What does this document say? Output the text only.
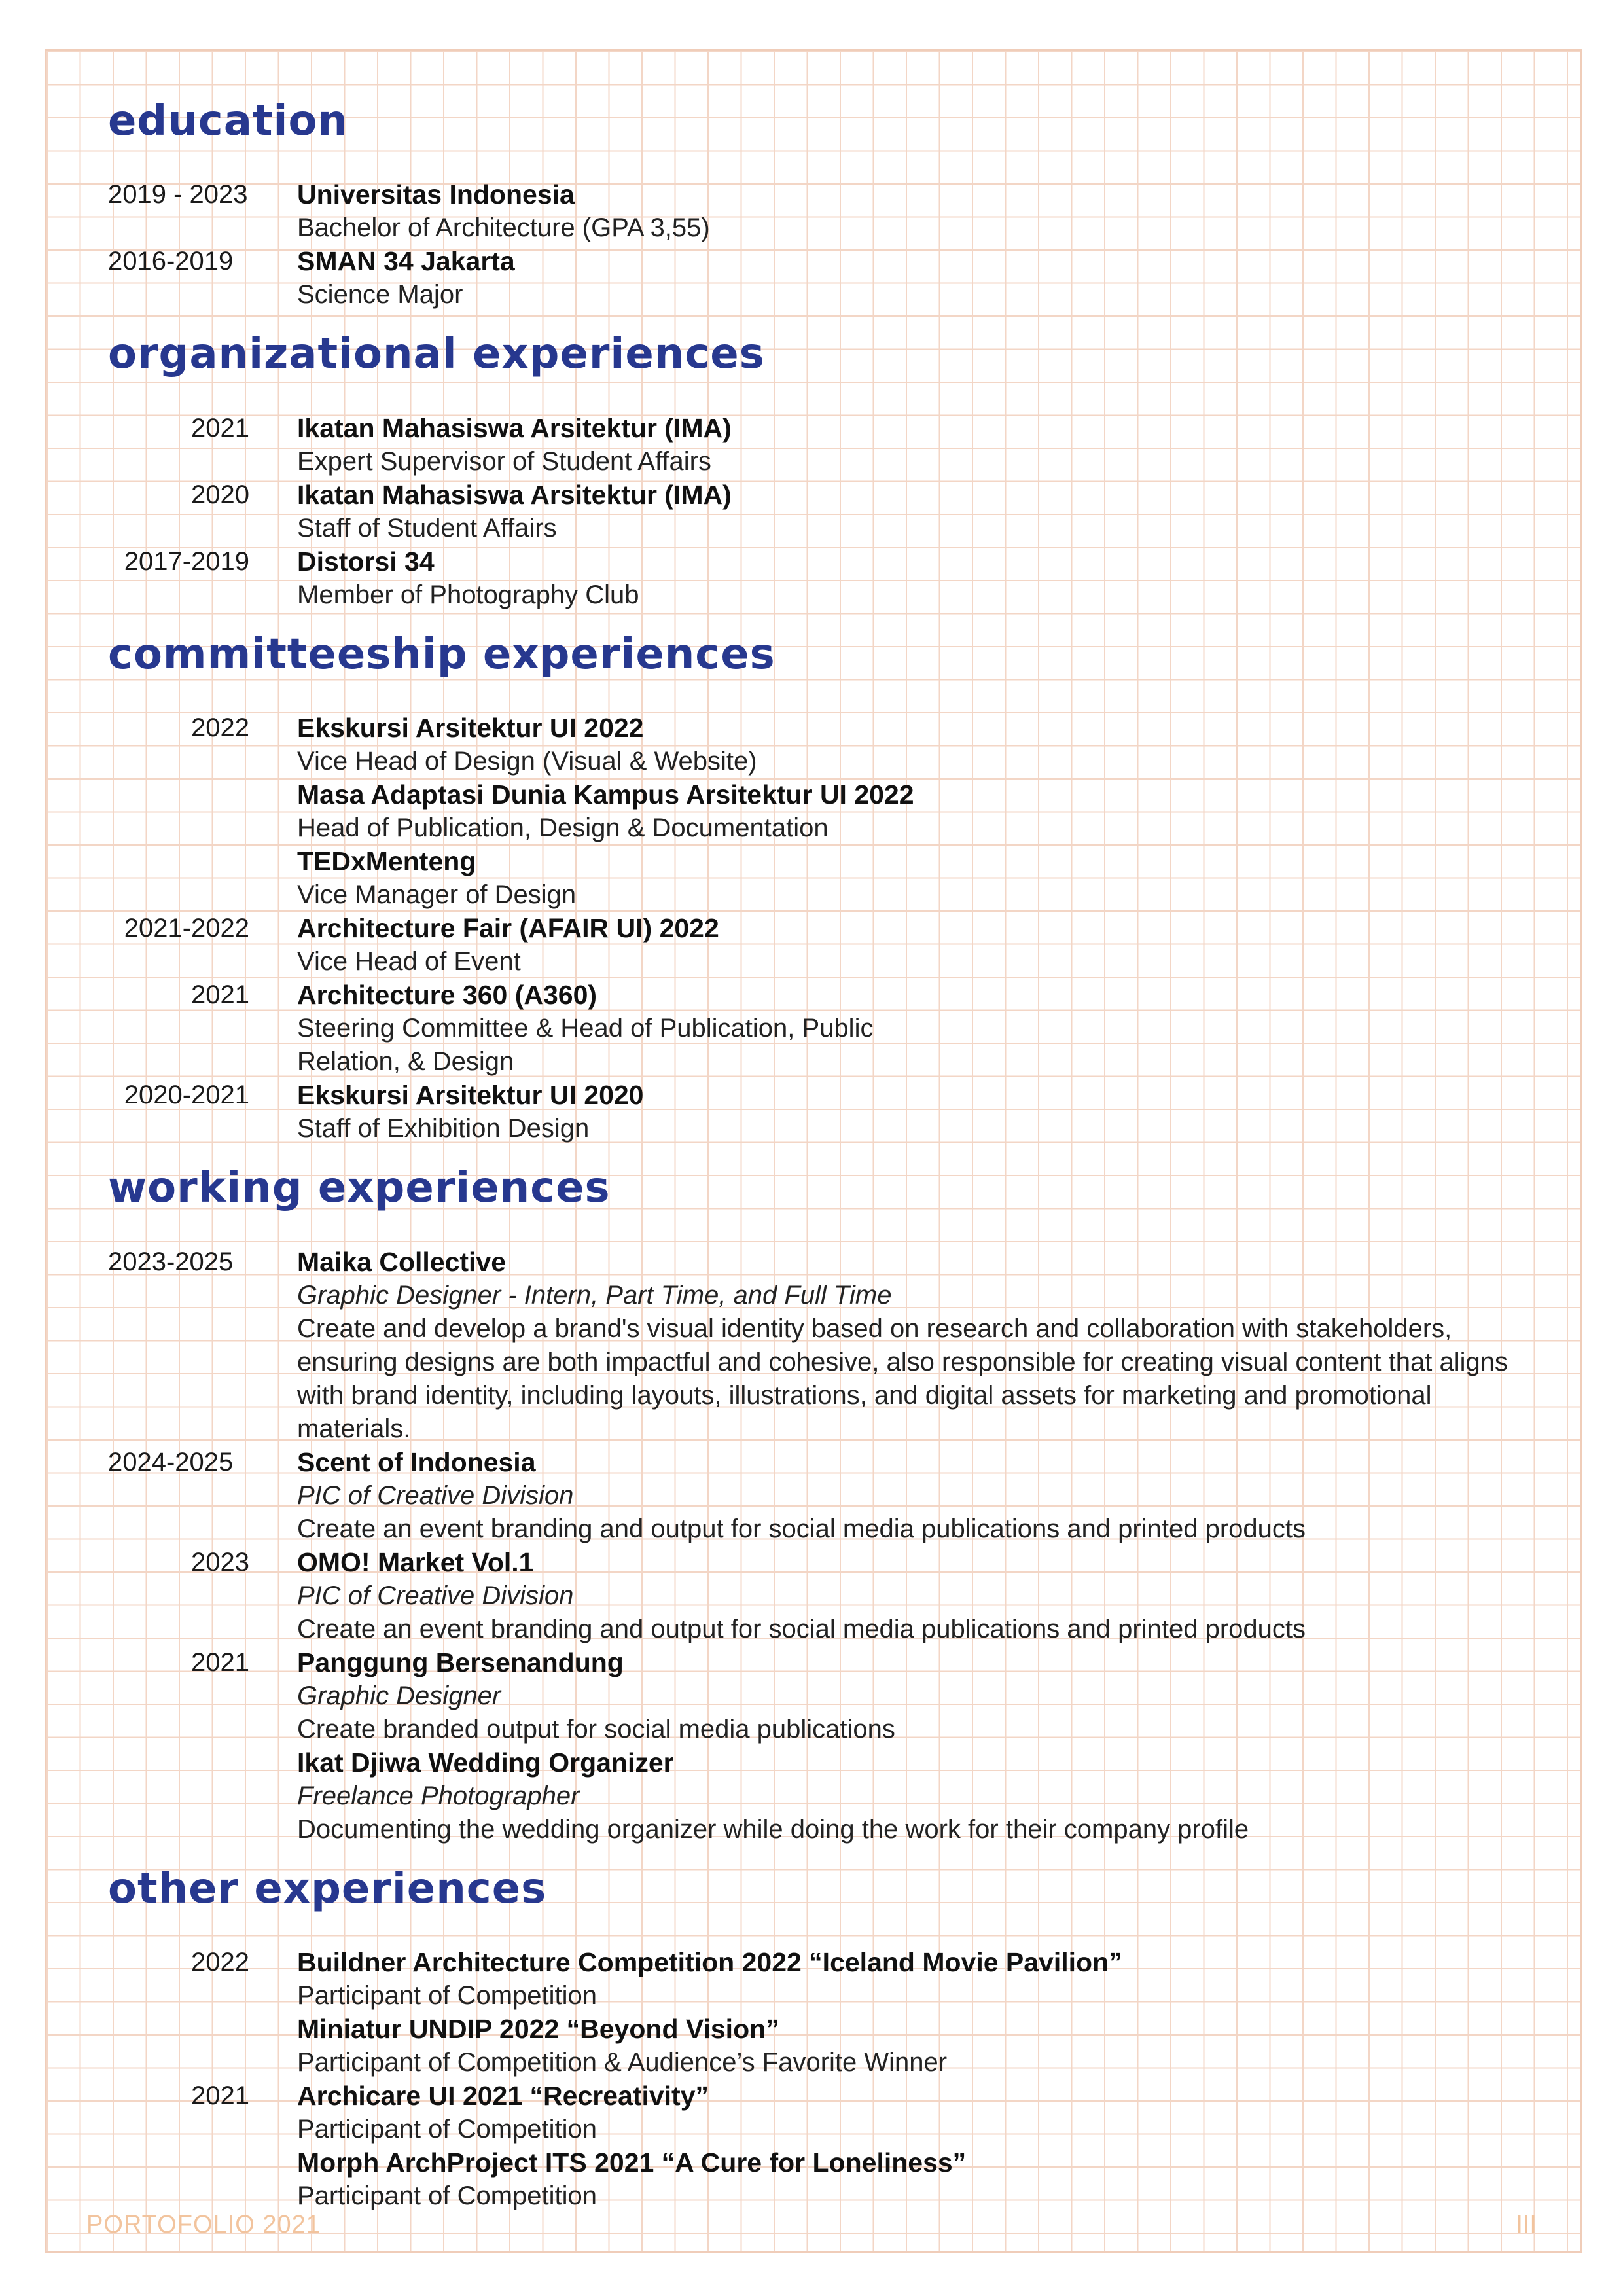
education
2019 - 2023 Universitas Indonesia
Bachelor of Architecture (GPA 3,55)
2016-2019	SMAN 34 Jakarta
Science Major
organizational experiences
2021 Ikatan Mahasiswa Arsitektur (IMA)
Expert Supervisor of Student Affairs
2020 Ikatan Mahasiswa Arsitektur (IMA)
Staff of Student Affairs
2017-2019 Distorsi 34
Member of Photography Club
committeeship experiences
2022 Ekskursi Arsitektur UI 2022
Vice Head of Design (Visual & Website)
Masa Adaptasi Dunia Kampus Arsitektur UI 2022
Head of Publication, Design & Documentation
TEDxMenteng
Vice Manager of Design
2021-2022 Architecture Fair (AFAIR UI) 2022
Vice Head of Event
2021 Architecture 360 (A360)
Steering Committee & Head of Publication, Public Relation, & Design
2020-2021 Ekskursi Arsitektur UI 2020
Staff of Exhibition Design
working experiences
2023-2025	Maika Collective
Graphic Designer - Intern, Part Time, and Full Time
Create and develop a brand's visual identity based on research and collaboration with stakeholders, ensuring designs are both impactful and cohesive, also responsible for creating visual content that aligns with brand identity, including layouts, illustrations, and digital assets for marketing and promotional materials.
2024-2025	Scent of Indonesia
PIC of Creative Division
Create an event branding and output for social media publications and printed products
2023 OMO! Market Vol.1
PIC of Creative Division
Create an event branding and output for social media publications and printed products
2021 Panggung Bersenandung
Graphic Designer
Create branded output for social media publications
Ikat Djiwa Wedding Organizer
Freelance Photographer
Documenting the wedding organizer while doing the work for their company profile
other experiences
2022 Buildner Architecture Competition 2022 “Iceland Movie Pavilion”
Participant of Competition
Miniatur UNDIP 2022 “Beyond Vision”
Participant of Competition & Audience’s Favorite Winner
2021 Archicare UI 2021 “Recreativity”
Participant of Competition
Morph ArchProject ITS 2021 “A Cure for Loneliness”
Participant of Competition
PORTOFOLIO 2021	III
